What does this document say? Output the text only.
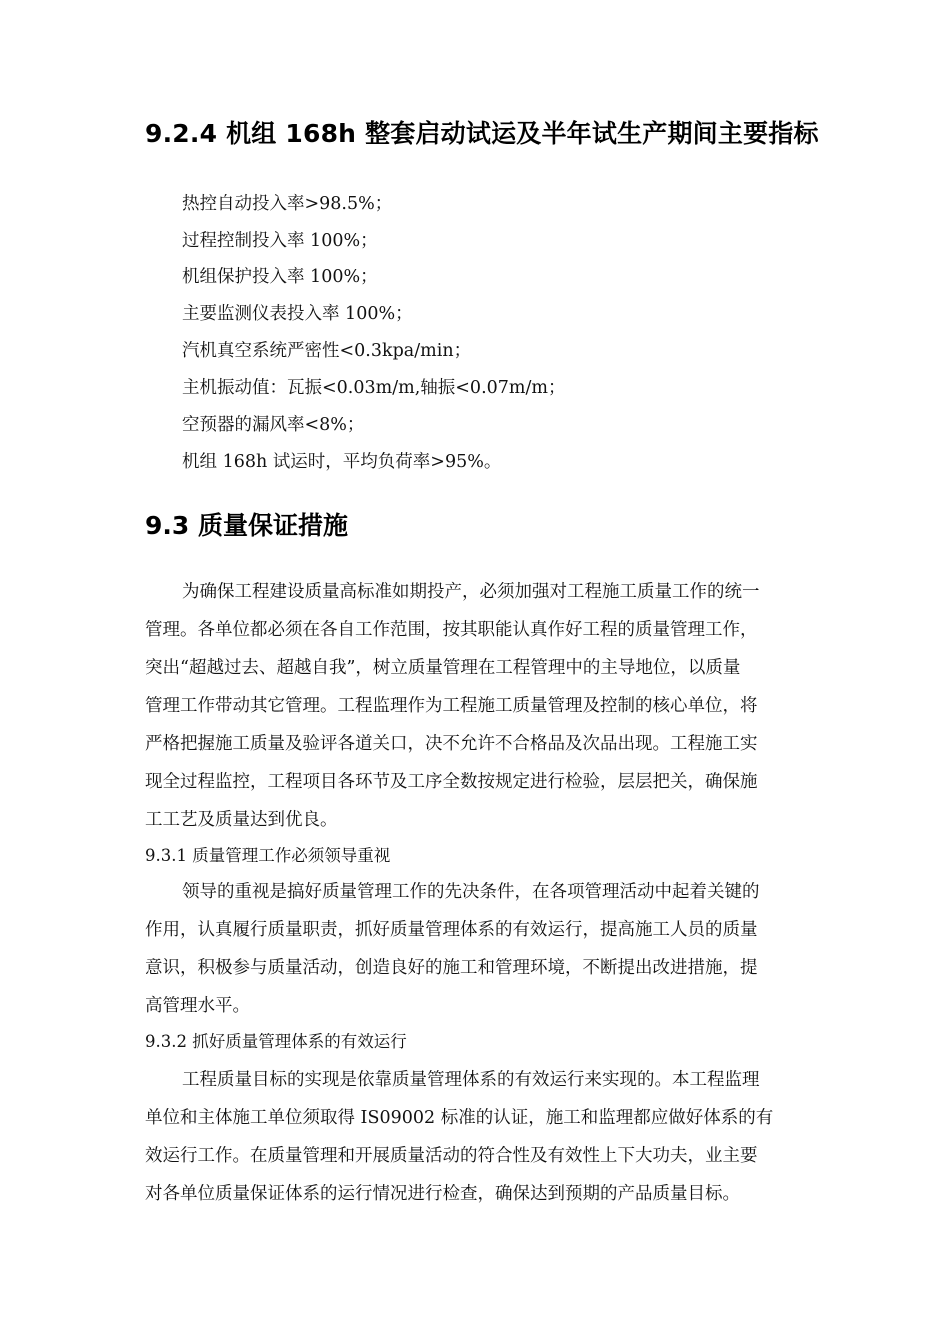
9.2.4 机组 168h 整套启动试运及半年试生产期间主要指标

热控自动投入率>98.5%；

过程控制投入率 100%；

机组保护投入率 100%；

主要监测仪表投入率 100%；

汽机真空系统严密性<0.3kpa/min；

主机振动值：瓦振<0.03m/m,轴振<0.07m/m；

空预器的漏风率<8%；

机组 168h 试运时，平均负荷率>95%。

9.3 质量保证措施

为确保工程建设质量高标准如期投产，必须加强对工程施工质量工作的统一

管理。各单位都必须在各自工作范围，按其职能认真作好工程的质量管理工作，

突出“超越过去、超越自我”，树立质量管理在工程管理中的主导地位，以质量

管理工作带动其它管理。工程监理作为工程施工质量管理及控制的核心单位，将

严格把握施工质量及验评各道关口，决不允许不合格品及次品出现。工程施工实

现全过程监控，工程项目各环节及工序全数按规定进行检验，层层把关，确保施

工工艺及质量达到优良。

9.3.1 质量管理工作必须领导重视

领导的重视是搞好质量管理工作的先决条件，在各项管理活动中起着关键的

作用，认真履行质量职责，抓好质量管理体系的有效运行，提高施工人员的质量

意识，积极参与质量活动，创造良好的施工和管理环境，不断提出改进措施，提

高管理水平。

9.3.2 抓好质量管理体系的有效运行

工程质量目标的实现是依靠质量管理体系的有效运行来实现的。本工程监理

单位和主体施工单位须取得 IS09002 标准的认证，施工和监理都应做好体系的有

效运行工作。在质量管理和开展质量活动的符合性及有效性上下大功夫，业主要

对各单位质量保证体系的运行情况进行检查，确保达到预期的产品质量目标。
